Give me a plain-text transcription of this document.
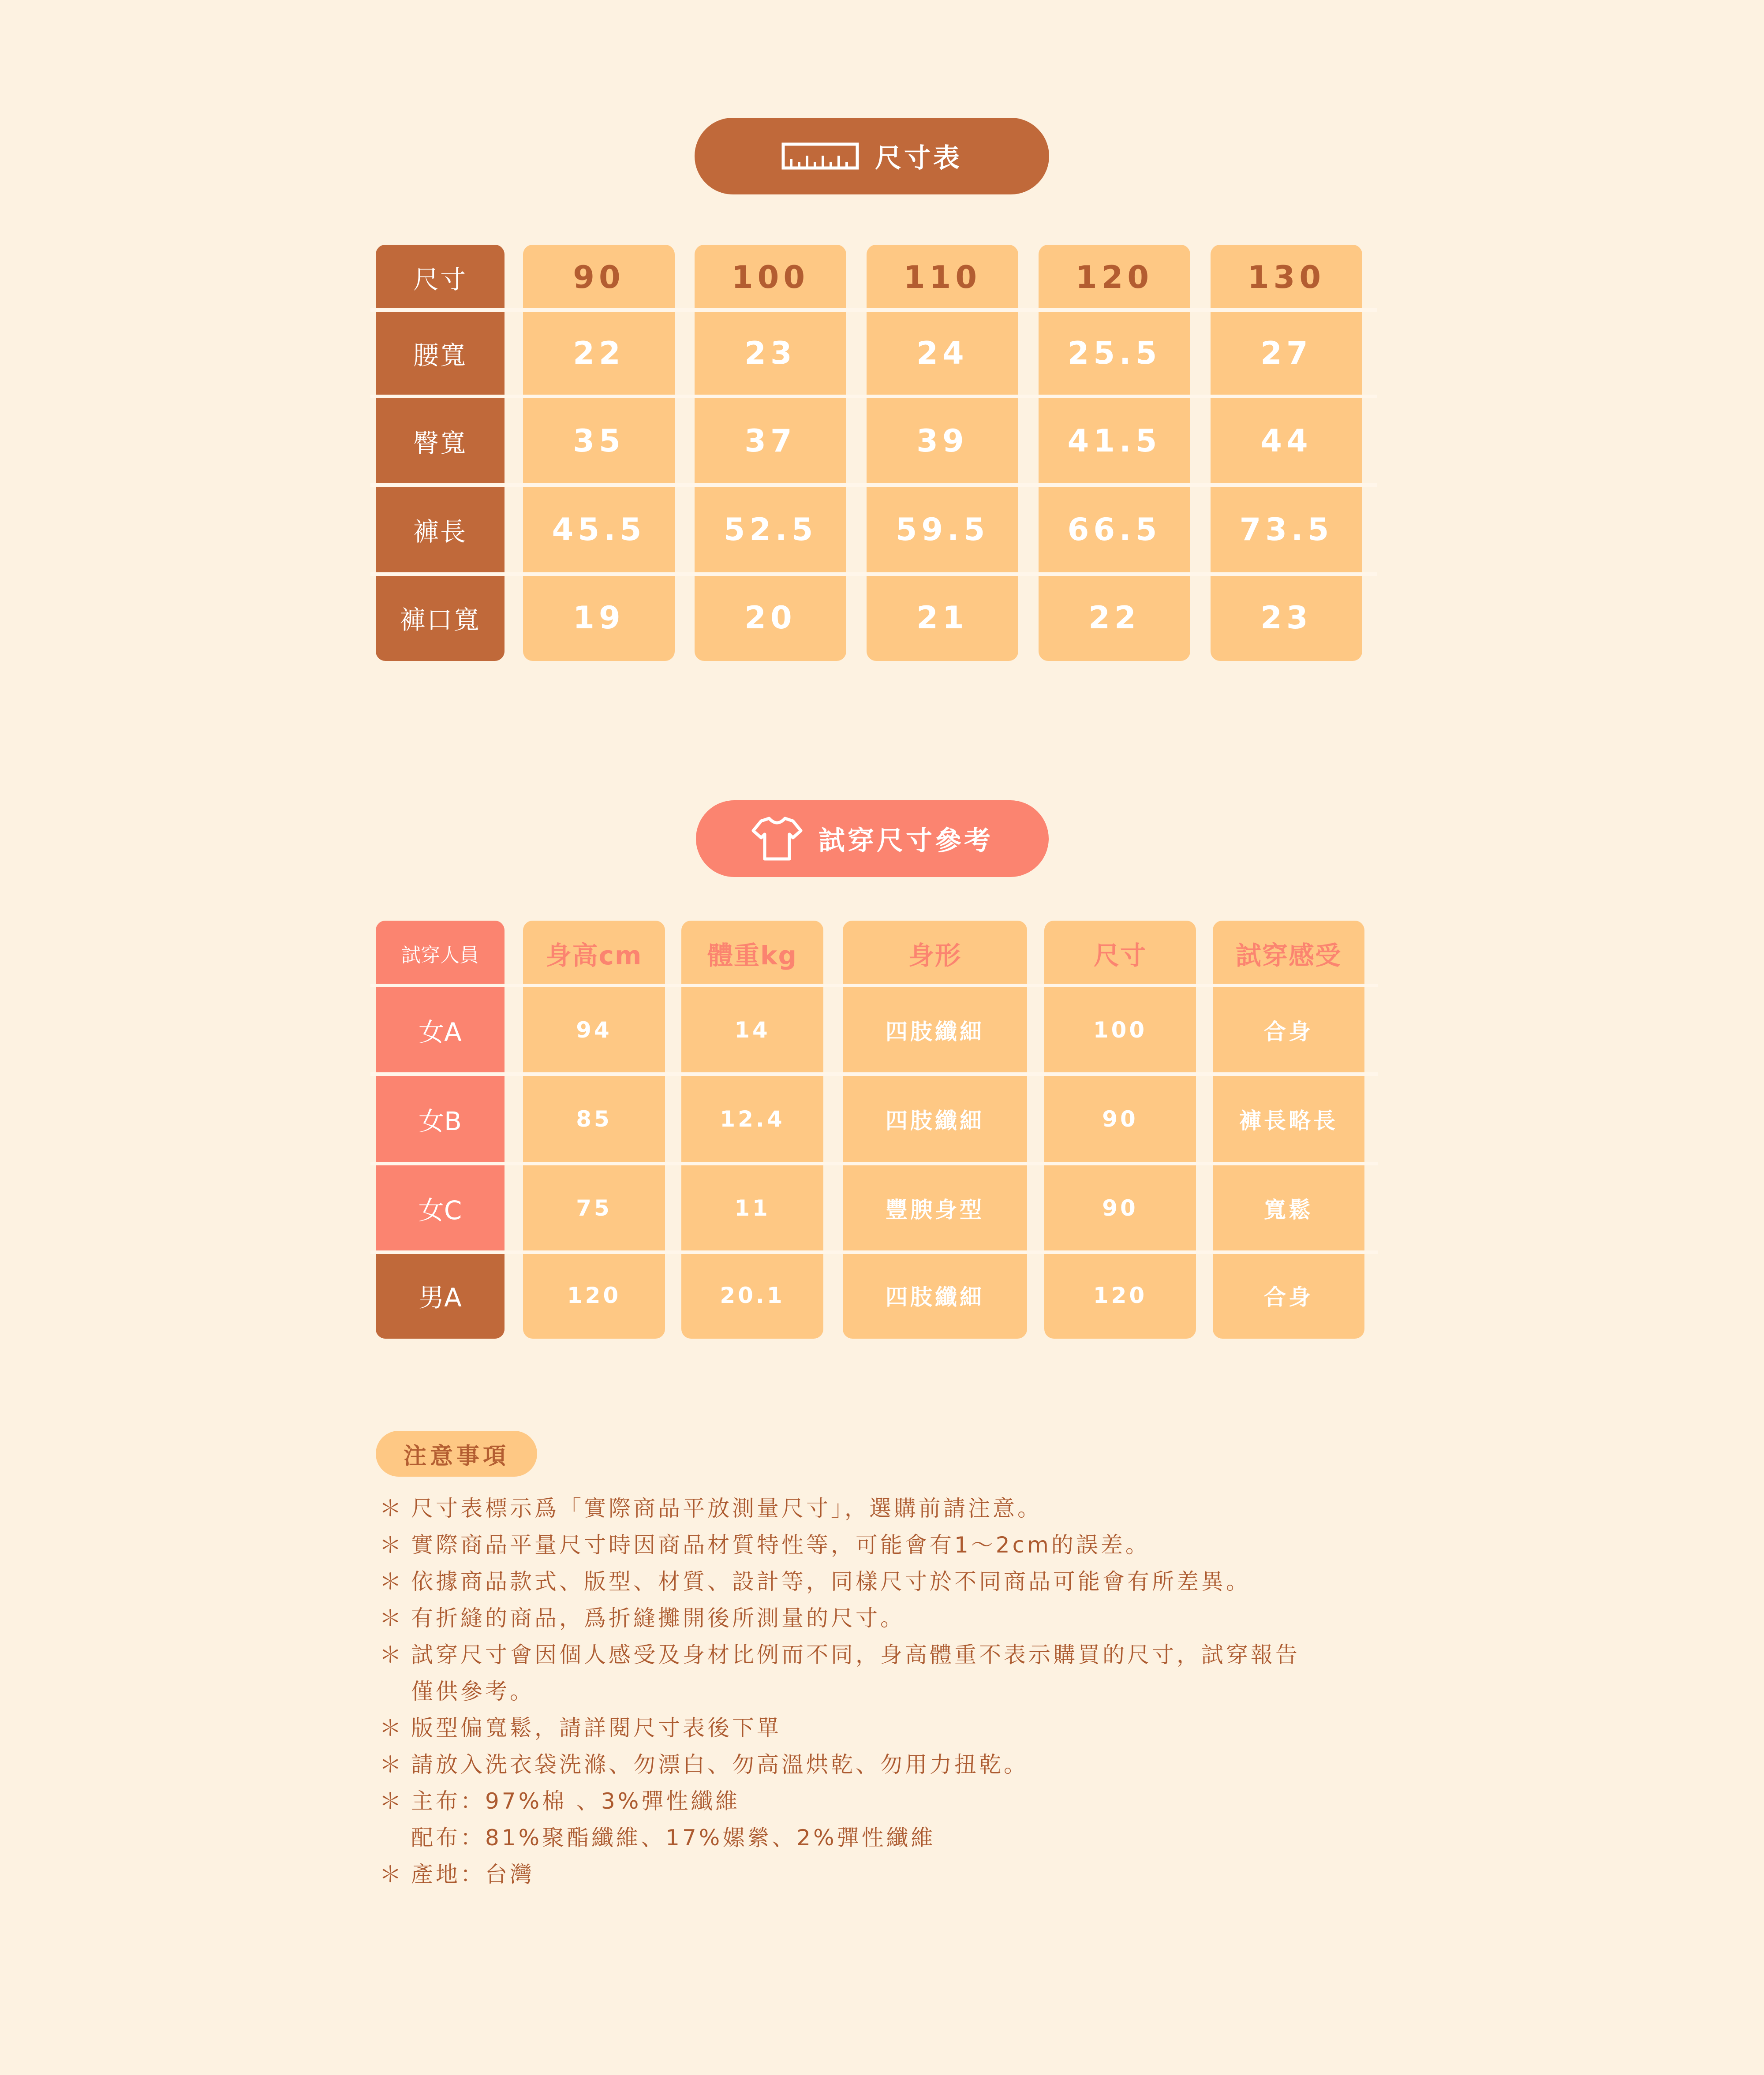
尺寸表
尺寸
腰寬
臀寬
褲長
褲口寬
90
22
35
45.5
19
100
23
37
52.5
20
110
24
39
59.5
21
120
25.5
41.5
66.5
22
130
27
44
73.5
23
試穿尺寸參考
試穿人員
女A
女B
女C
男A
身高cm
94
85
75
120
體重kg
14
12.4
11
20.1
身形
四肢纖細
四肢纖細
豐腴身型
四肢纖細
尺寸
100
90
90
120
試穿感受
合身
褲長略長
寬鬆
合身
注意事項
＊ 尺寸表標示爲「實際商品平放測量尺寸」，選購前請注意。
＊ 實際商品平量尺寸時因商品材質特性等，可能會有1～2cm的誤差。
＊ 依據商品款式、版型、材質、設計等，同樣尺寸於不同商品可能會有所差異。
＊ 有折縫的商品，爲折縫攤開後所測量的尺寸。
＊ 試穿尺寸會因個人感受及身材比例而不同，身高體重不表示購買的尺寸，試穿報告
僅供參考。
＊ 版型偏寬鬆，請詳閱尺寸表後下單
＊ 請放入洗衣袋洗滌、勿漂白、勿高溫烘乾、勿用力扭乾。
＊ 主布：97%棉 、3%彈性纖維
配布：81%聚酯纖維、17%嫘縈、2%彈性纖維
＊ 產地：台灣
